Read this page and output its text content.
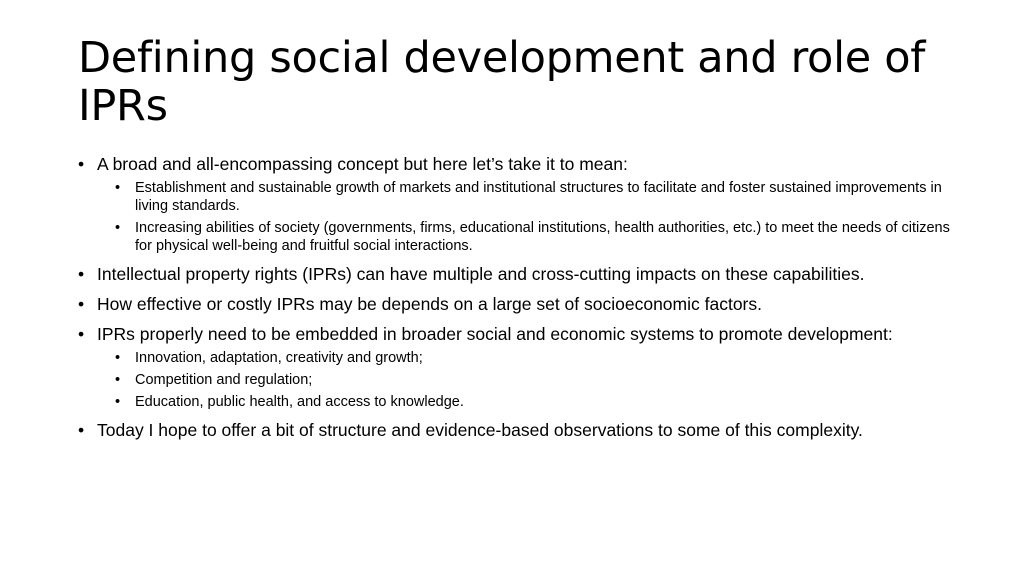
Defining social development and role of IPRs
• A broad and all-encompassing concept but here let’s take it to mean:
• Establishment and sustainable growth of markets and institutional structures to facilitate and foster sustained improvements in living standards.
• Increasing abilities of society (governments, firms, educational institutions, health authorities, etc.) to meet the needs of citizens for physical well-being and fruitful social interactions.
• Intellectual property rights (IPRs) can have multiple and cross-cutting impacts on these capabilities.
• How effective or costly IPRs may be depends on a large set of socioeconomic factors.
• IPRs properly need to be embedded in broader social and economic systems to promote development:
• Innovation, adaptation, creativity and growth;
• Competition and regulation;
• Education, public health, and access to knowledge.
• Today I hope to offer a bit of structure and evidence-based observations to some of this complexity.
